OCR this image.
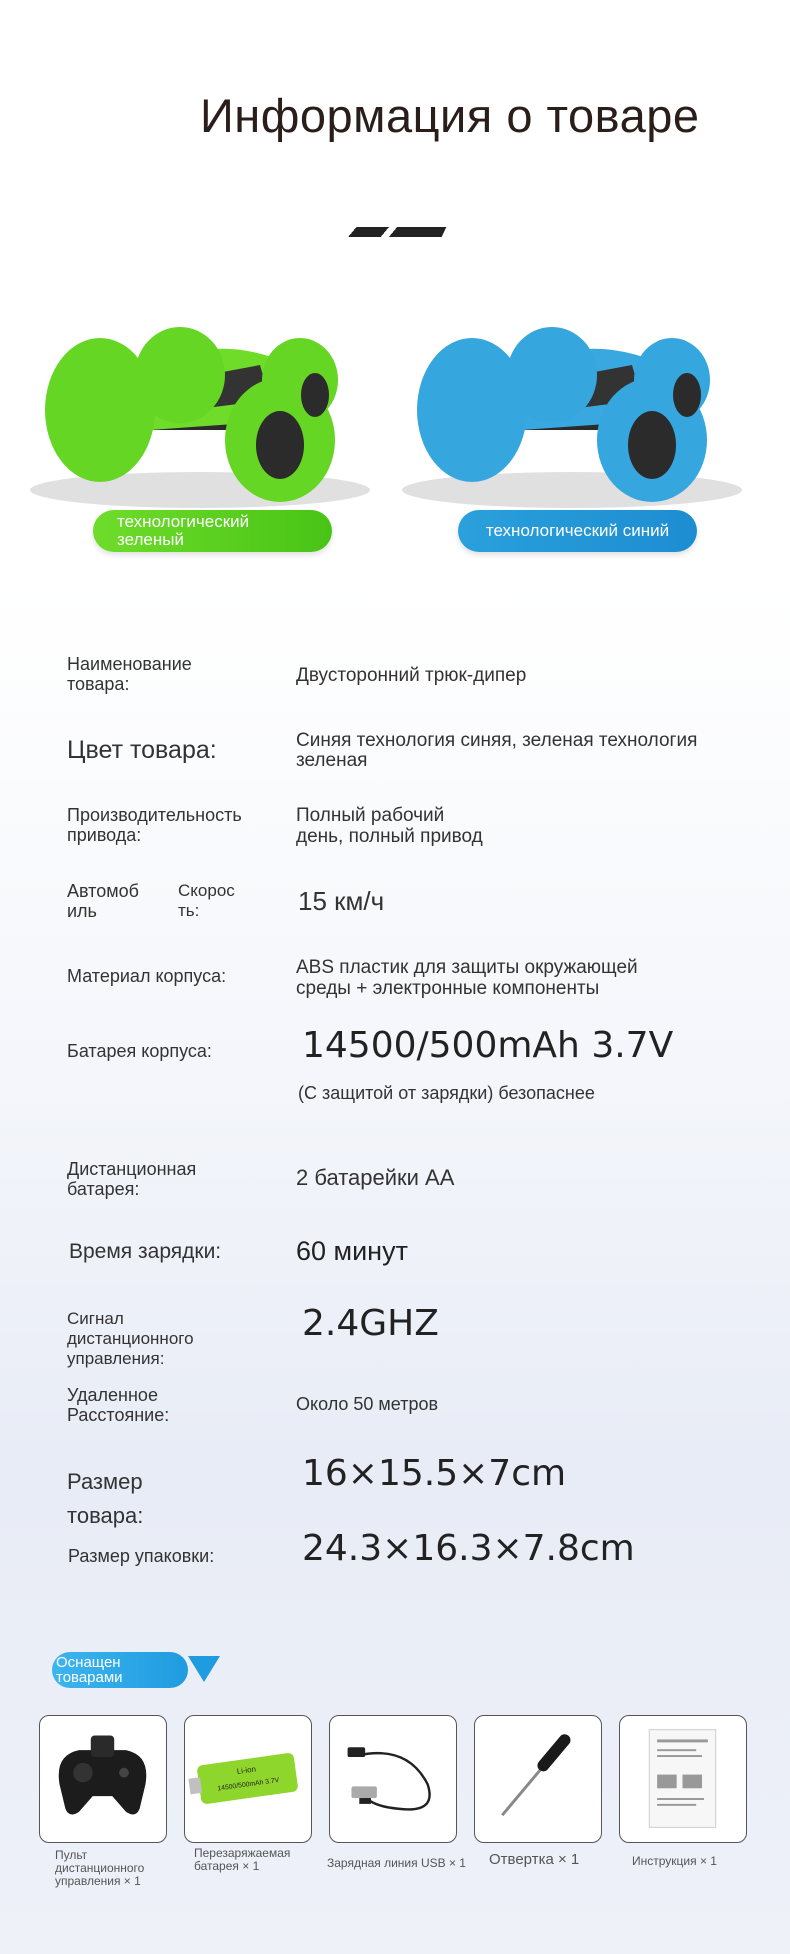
Информация о товаре
технологический зеленый	технологический синий
Наименование товара:	Двусторонний трюк-дипер
Цвет товара:	Синяя технология синяя, зеленая технология зеленая
Производительность привода:
Полный рабочий день, полный привод
Автомобиль
Скорость:	15 км/ч
Материал корпуса:	ABS пластик для защиты окружающей среды + электронные компоненты
Батарея корпуса:	14500/500mAh 3.7V
(С защитой от зарядки) безопаснее
Дистанционная батарея:	2 батарейки AA
Время зарядки:	60 минут
Сигнал дистанционного управления:
2.4GHZ
Удаленное Расстояние:
Около 50 метров
Размер товара:
16×15.5×7cm
Размер упаковки: 24.3×16.3×7.8cm
Оснащен товарами
Пульт дистанционного управления × 1
Li-ion
14500/500mAh 3.7V
Перезаряжаемая батарея × 1	Зарядная линия USB × 1 Отвертка × 1	Инструкция × 1
